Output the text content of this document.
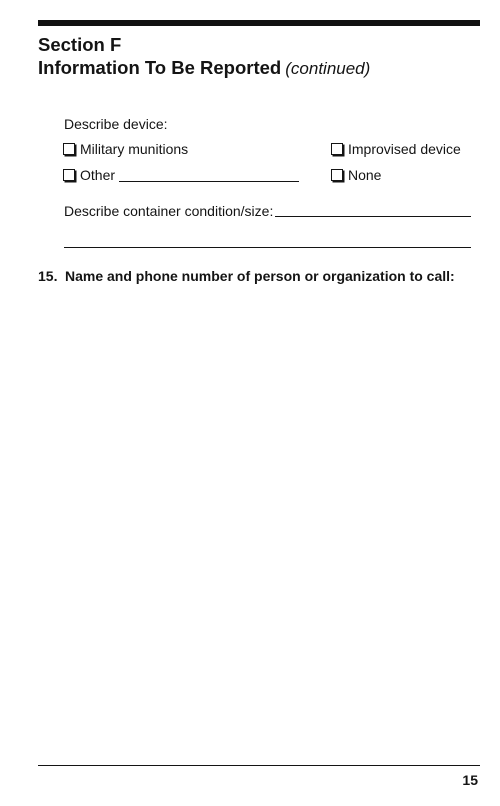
Section F
Information To Be Reported (continued)
Describe device:
Military munitions	Improvised device
Other	None
Describe container condition/size:
15. Name and phone number of person or organization to call:
15
